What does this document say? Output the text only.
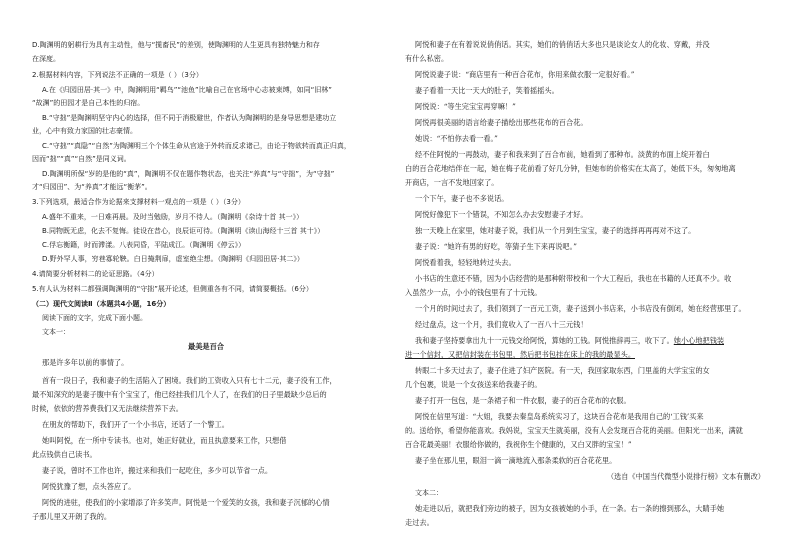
D.陶渊明的躬耕行为具有主动性，他与“揽畜民”的差别，使陶渊明的人生更具有独特魅力和存
在深度。
2.根据材料内容，下列说法不正确的一项是（ ）（3分）
A.在《归园田居·其一》中，陶渊明用“羁鸟”“池鱼”比喻自己在官场中心志被束缚，如同“旧林”
“故渊”的田园才是自己本性的归宿。
B.“守拙”是陶渊明坚守内心的选择，但不同于消极避世，作者认为陶渊明的是身导思想是建功立
业，心中有致力家国的壮志豪情。
C.“守拙”“真隐”“自然”为陶渊明三个个体生命从官途于外转而反求诸己，由论于物欲转而真正归真，
因而“拙”“真”“自然”是同义词。
D.陶渊明所保“岁的是他的“真”，陶渊明不仅在题作物状态，也关注“养真”与“守拙”，为“守拙”
才“归园田”、为“养真”才能远“衡茅”。
3.下列选项，最适合作为论据来支撑材料一观点的一项是（ ）（3分）
A.盛年不重来，一日难再晨。及时当勉励，岁月不待人。（陶渊明《杂诗十首 其一》）
B.同物既无虑，化去不复悔。徒设在昔心，良辰讵可待。（陶渊明《读山海经十三首 其十》）
C.俘忘衡籍，时而滞漾。八表同昏，平陆成江。（陶渊明《停云》）
D.野外罕人事，穷巷寡轮鞅。白日掩荆扉，虚室绝尘想。（陶渊明《归园田居·其二》）
4.请简要分析材料二的论证思路。（4分）
5.有人认为材料二都强调陶渊明的“守拙”展开论述，但侧重各有不同，请简要概括。（6分）
（二）现代文阅读Ⅱ（本题共4小题，16分）
阅读下面的文字，完成下面小题。
文本一：
最美是百合
那是许多年以前的事情了。
首有一段日子，我和妻子的生活陷入了困境。我们的工资收入只有七十二元，妻子没有工作，
最不知深究的是妻子腹中有个宝宝了，他已经挂我们几个人了，在我们的日子里最缺少总后的
时候，依依的营养费我们又无法继续营养下去。
在朋友的帮助下，我们开了一个小书店，还话了一个警工。
她叫阿悦，在一所中专读书。也对，她正好就业，而且执意要来工作，只想借
此点钱供自己读书。
妻子说，曾时不工作也许，搬过来和我们一起吃住，多少可以节省一点。
阿悦犹豫了想，点头答应了。
阿悦的进驻，使我们的小家增添了许多笑声。阿悦是一个爱笑的女孩，我和妻子沉郁的心情
子那儿里又开朗了我的。
阿悦和妻子在有着说说俏俏话。其实，她们的俏俏话大多也只是谈论女人的化妆、穿戴，并没
有什么私密。
阿悦说妻子说：“商店里有一种百合花布，你用来做衣服一定很好看。”
妻子看着一天比一天大的肚子，笑着摇摇头。
阿悦说：“等生完宝宝再穿嘛！”
阿悦再很美丽的语言给妻子描绘出那些花布的百合花。
她说：“不怕你去看一看。”
经不住阿悦的一再鼓动，妻子和我来到了百合布前，她看到了那种布。淡黄的布面上绽开着白
白的百合花地结伴在一起，她在梅子花前看了好几分钟，但她布的价格实在太高了，她低下头，匆匆地离
开商店，一言不发地回家了。
一个下午，妻子也不多说话。
阿悦好像犯下一个错误，不知怎么办去安慰妻子才好。
独一天晚上在家里，她对妻子说，我们从一个月到生宝宝，妻子的选择再再再对不这了。
妻子说：“她许有男的好吃，等猜子生下来再说吧。”
阿悦看着我，轻轻地转过头去。
小书店的生意还不错，因为小店经营的是那种附带校和一个大工程后，我也在书籍的人还真不少。收
入虽然少一点，小小的钱包里有了十元钱。
一个月的时间过去了，我们领到了一百元工资，妻子送到小书店来，小书店没有倒闭，她在经营那里了。
经过盘点，这一个月，我们竟收入了一百八十三元钱！
我和妻子坚持要拿出九十一元钱交给阿悦，算她的工钱。阿悦推辞再三，收下了。她小心地把钱装
进一个信封，又把信封装在书包里，然后把书包挂在床上的我的最显头。
转眼二十多天过去了，妻子住进了妇产医院。有一天，我回家取东西，门里盖的大学宝宝的女
几个包裹，说是一个女孩送来给我妻子的。
妻子打开一包包，是一条裙子和一件衣服，妻子的百合花布的衣服。
阿悦在信里写道：“大姐，我要去秦皇岛系统实习了，这块百合花布是我用自己的‘工钱’买来
的。送给你，希望你能喜欢。我妈说，宝宝天生就美丽，没有人会发现百合花的美丽。但阳光一出来，满就
百合花最美丽！衣服给你做的，我祝你生个健康的，又白又胖的宝宝！”
妻子坐在那儿里，眼泪一滴一滴地流入那条柔软的百合花花里。
（选自《中国当代微型小说排行榜》文本有删改）
文本二：
她走进以后，就把我们旁边的被子，因为女孩被她的小手，在一条。右一条的擦到那么，大睛手她
走过去。
